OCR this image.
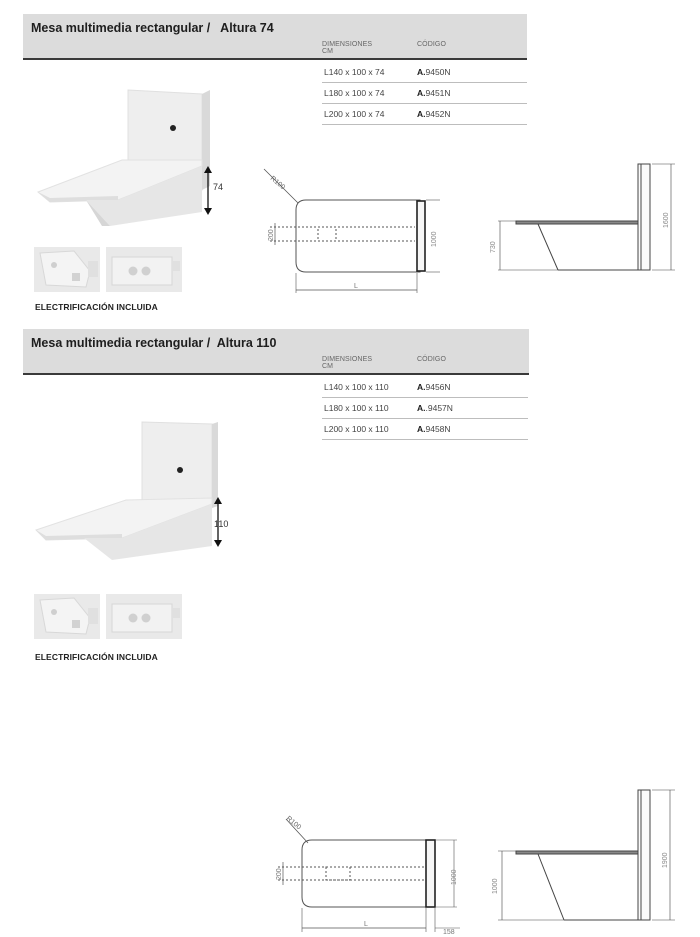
Mesa multimedia rectangular /   Altura 74
DIMENSIONES
CM
CÓDIGO
L140 x 100 x 74	A.9450N
L180 x 100 x 74	A.9451N
L200 x 100 x 74	A.9452N
74
ELECTRIFICACIÓN INCLUIDA
R100
200	1000
L
730
1600
Mesa multimedia rectangular /  Altura 110
DIMENSIONES
CM
CÓDIGO
L140 x 100 x 110	A.9456N
L180 x 100 x 110	A..9457N
L200 x 100 x 110	A.9458N
110
ELECTRIFICACIÓN INCLUIDA
R100
200	1000
L
158
1000
1900
